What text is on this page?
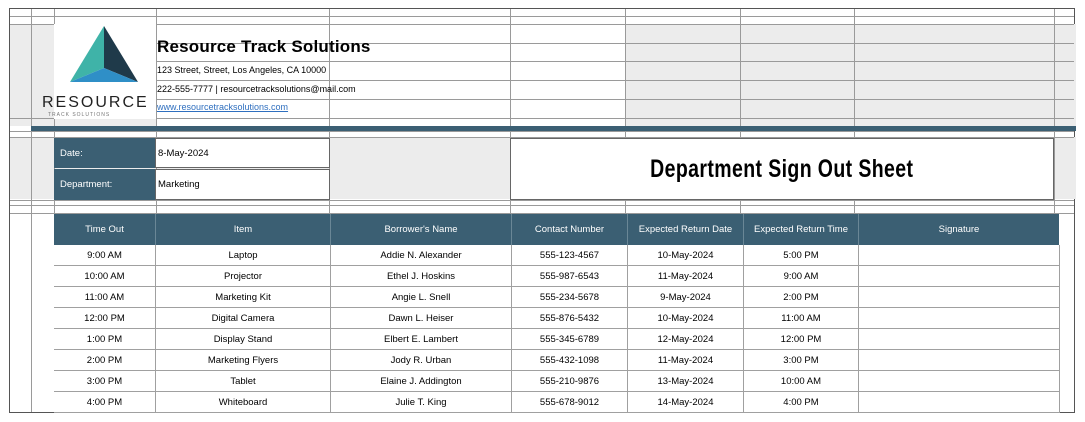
RESOURCE
TRACK SOLUTIONS
Resource Track Solutions
123 Street, Street, Los Angeles, CA 10000
222-555-7777 | resourcetracksolutions@mail.com
www.resourcetracksolutions.com
Date:	8-May-2024
Department:	Marketing
Department Sign Out Sheet
Time Out	Item	Borrower's Name	Contact Number	Expected Return Date	Expected Return Time	Signature
9:00 AM	Laptop	Addie N. Alexander	555-123-4567	10-May-2024	5:00 PM
10:00 AM	Projector	Ethel J. Hoskins	555-987-6543	11-May-2024	9:00 AM
11:00 AM	Marketing Kit	Angie L. Snell	555-234-5678	9-May-2024	2:00 PM
12:00 PM	Digital Camera	Dawn L. Heiser	555-876-5432	10-May-2024	11:00 AM
1:00 PM	Display Stand	Elbert E. Lambert	555-345-6789	12-May-2024	12:00 PM
2:00 PM	Marketing Flyers	Jody R. Urban	555-432-1098	11-May-2024	3:00 PM
3:00 PM	Tablet	Elaine J. Addington	555-210-9876	13-May-2024	10:00 AM
4:00 PM	Whiteboard	Julie T. King	555-678-9012	14-May-2024	4:00 PM
